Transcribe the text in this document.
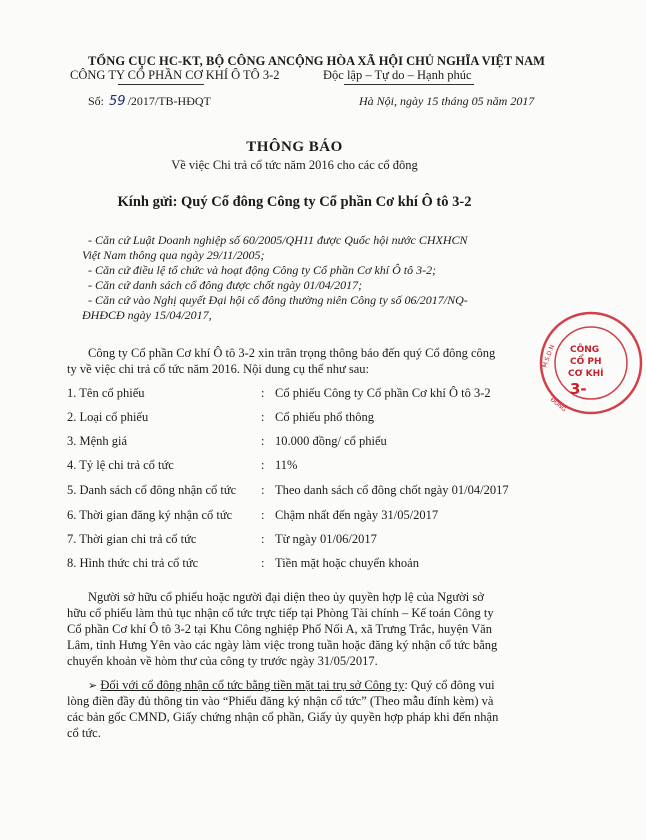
TỔNG CỤC HC-KT, BỘ CÔNG AN
CÔNG TY CỔ PHẦN CƠ KHÍ Ô TÔ 3-2
CỘNG HÒA XÃ HỘI CHỦ NGHĨA VIỆT NAM
Độc lập – Tự do – Hạnh phúc
Số: 59 /2017/TB-HĐQT	Hà Nội, ngày 15 tháng 05 năm 2017
THÔNG BÁO
Về việc Chi trả cổ tức năm 2016 cho các cổ đông
Kính gửi: Quý Cổ đông Công ty Cổ phần Cơ khí Ô tô 3-2
- Căn cứ Luật Doanh nghiệp số 60/2005/QH11 được Quốc hội nước CHXHCN
Việt Nam thông qua ngày 29/11/2005;
- Căn cứ điều lệ tổ chức và hoạt động Công ty Cổ phần Cơ khí Ô tô 3-2;
- Căn cứ danh sách cổ đông được chốt ngày 01/04/2017;
- Căn cứ vào Nghị quyết Đại hội cổ đông thường niên Công ty số 06/2017/NQ-
ĐHĐCĐ ngày 15/04/2017,
Công ty Cổ phần Cơ khí Ô tô 3-2 xin trân trọng thông báo đến quý Cổ đông công
ty về việc chi trả cổ tức năm 2016. Nội dung cụ thể như sau:
1. Tên cổ phiếu	: Cổ phiếu Công ty Cổ phần Cơ khí Ô tô 3-2
2. Loại cổ phiếu	: Cổ phiếu phổ thông
3. Mệnh giá	: 10.000 đồng/ cổ phiếu
4. Tỷ lệ chi trả cổ tức	: 11%
5. Danh sách cổ đông nhận cổ tức : Theo danh sách cổ đông chốt ngày 01/04/2017
6. Thời gian đăng ký nhận cổ tức : Chậm nhất đến ngày 31/05/2017
7. Thời gian chi trả cổ tức	: Từ ngày 01/06/2017
8. Hình thức chi trả cổ tức	: Tiền mặt hoặc chuyển khoản
Người sở hữu cổ phiếu hoặc người đại diện theo ủy quyền hợp lệ của Người sở
hữu cổ phiếu làm thủ tục nhận cổ tức trực tiếp tại Phòng Tài chính – Kế toán Công ty
Cổ phần Cơ khí Ô tô 3-2 tại Khu Công nghiệp Phố Nối A, xã Trưng Trắc, huyện Văn
Lâm, tỉnh Hưng Yên vào các ngày làm việc trong tuần hoặc đăng ký nhận cổ tức bằng
chuyển khoản về hòm thư của công ty trước ngày 31/05/2017.
➢ Đối với cổ đông nhận cổ tức bằng tiền mặt tại trụ sở Công ty: Quý cổ đông vui
lòng điền đầy đủ thông tin vào “Phiếu đăng ký nhận cổ tức” (Theo mẫu đính kèm) và
các bản gốc CMND, Giấy chứng nhận cổ phần, Giấy ủy quyền hợp pháp khi đến nhận
cổ tức.
CÔNG
CỔ PH
CƠ KHÍ
3-
M.S.D.N
ĐỐNG
